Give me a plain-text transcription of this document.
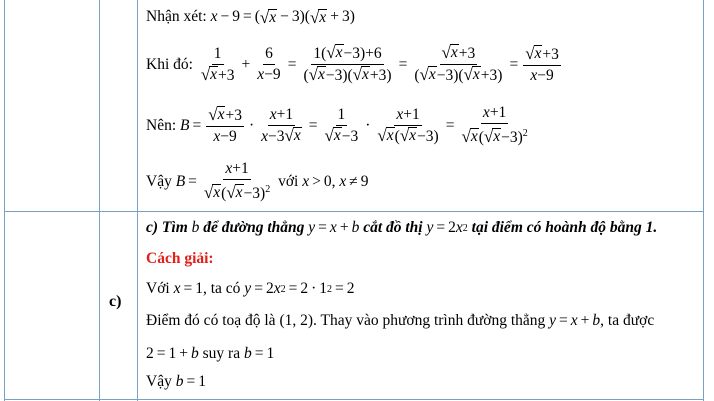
Nhận xét:
x − 9 = ( √ x − 3)( √ x + 3)
Khi đó:
$\frac{1}{√ x +3} + \frac{6}{x-9} = \frac{1( √ x -3)+6}{( √ x -3)( √ x +3)} = \frac{√ x +3}{( √ x -3)( √ x +3)} = \frac{√ x +3}{x-9}$
Nên:
$B = \frac{√ x +3}{x-9} \cdot \frac{x+1}{x-3 √ x} = \frac{1}{√ x -3} \cdot \frac{x+1}{√ x ( √ x -3)} = \frac{x+1}{√ x ( √ x -3)^2}$
Vậy
$B = \frac{x+1}{√ x ( √ x -3)^2}$
với
x > 0, x ≠ 9
c)
c) Tìm
b
để đường thẳng
y = x + b
cắt đồ thị
y = 2 x 2
tại điểm có hoành độ bằng 1.
Cách giải:
Với
x = 1 , ta có
y = 2 x 2 = 2 · 1 2 = 2
Điểm đó có toạ độ là (1, 2) . Thay vào phương trình đường thẳng
y = x + b , ta được
2 = 1 + b
suy ra
b = 1
Vậy
b = 1
